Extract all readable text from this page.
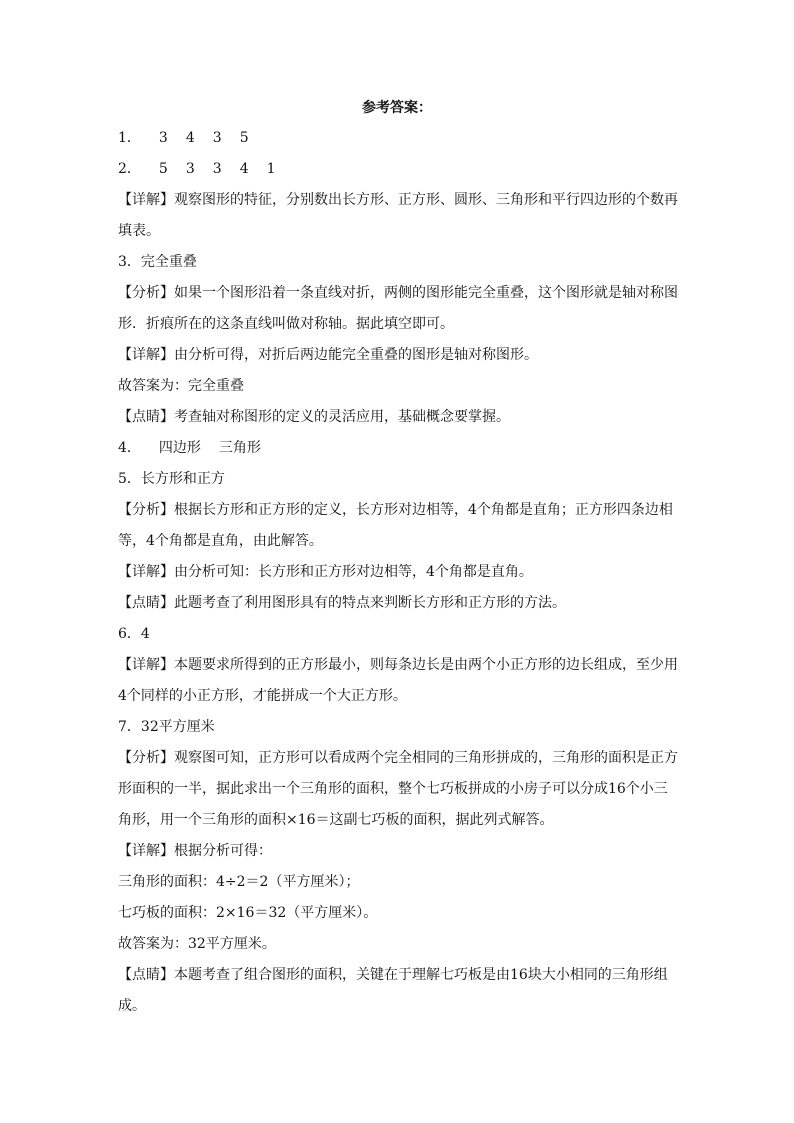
参考答案：
1． 3 4 3 5
2． 5 3 3 4 1
【详解】观察图形的特征，分别数出长方形、正方形、圆形、三角形和平行四边形的个数再
填表。
3．完全重叠
【分析】如果一个图形沿着一条直线对折，两侧的图形能完全重叠，这个图形就是轴对称图
形．折痕所在的这条直线叫做对称轴。据此填空即可。
【详解】由分析可得，对折后两边能完全重叠的图形是轴对称图形。
故答案为：完全重叠
【点睛】考查轴对称图形的定义的灵活应用，基础概念要掌握。
4． 四边形 三角形
5．长方形和正方
【分析】根据长方形和正方形的定义，长方形对边相等，4个角都是直角；正方形四条边相
等，4个角都是直角，由此解答。
【详解】由分析可知：长方形和正方形对边相等，4个角都是直角。
【点睛】此题考查了利用图形具有的特点来判断长方形和正方形的方法。
6．4
【详解】本题要求所得到的正方形最小，则每条边长是由两个小正方形的边长组成，至少用
4个同样的小正方形，才能拼成一个大正方形。
7．32平方厘米
【分析】观察图可知，正方形可以看成两个完全相同的三角形拼成的，三角形的面积是正方
形面积的一半，据此求出一个三角形的面积，整个七巧板拼成的小房子可以分成16个小三
角形，用一个三角形的面积×16＝这副七巧板的面积，据此列式解答。
【详解】根据分析可得：
三角形的面积：4÷2＝2（平方厘米）；
七巧板的面积：2×16＝32（平方厘米）。
故答案为：32平方厘米。
【点睛】本题考查了组合图形的面积，关键在于理解七巧板是由16块大小相同的三角形组
成。
